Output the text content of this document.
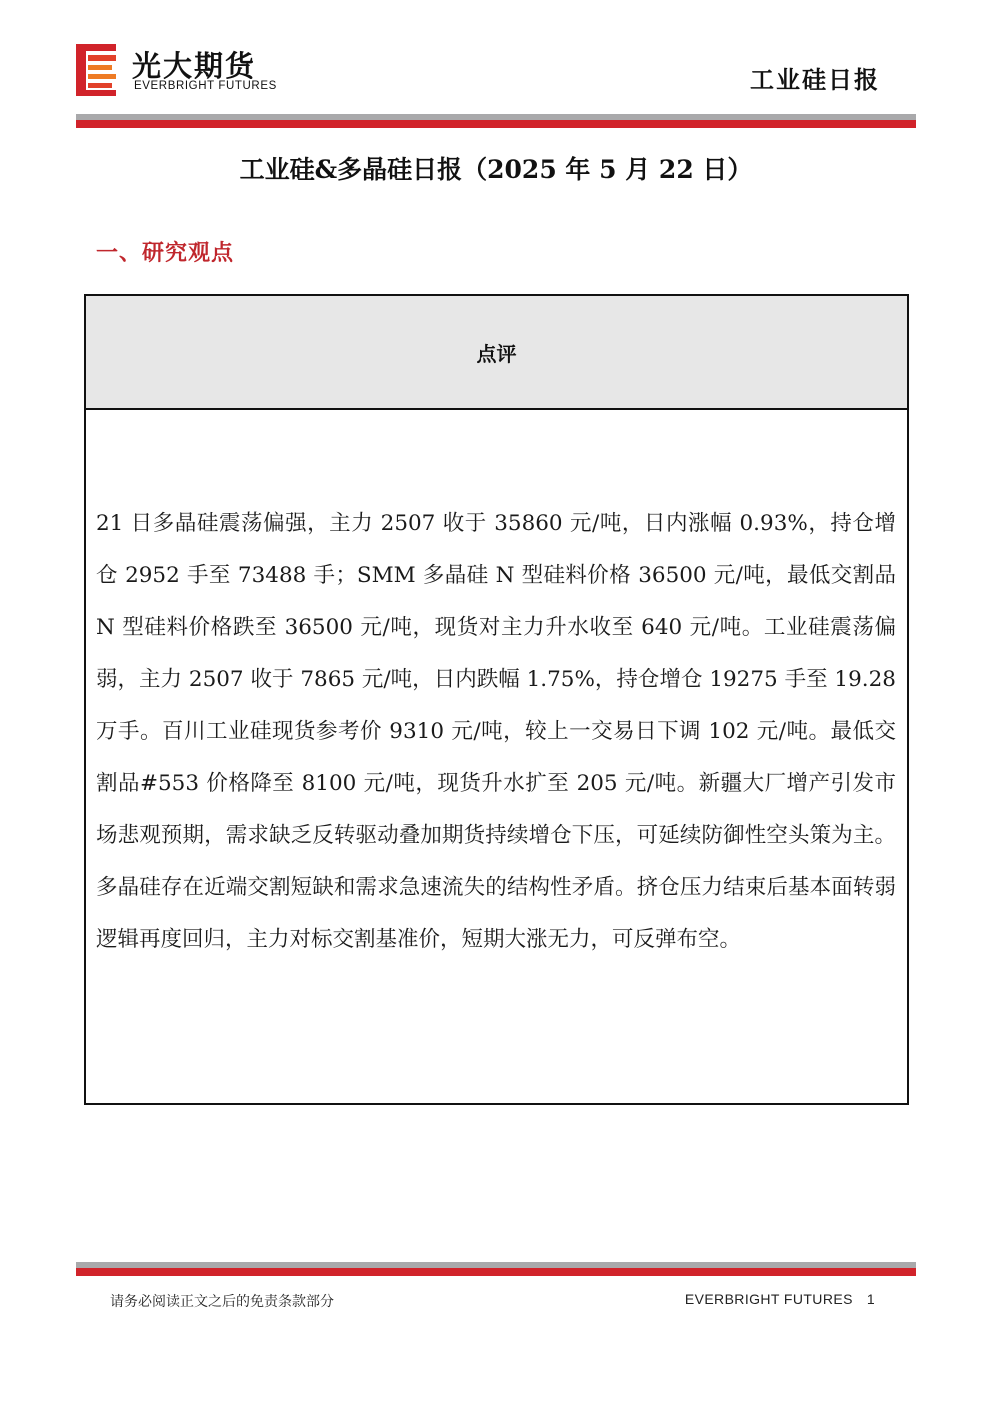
光大期货
EVERBRIGHT FUTURES	工业硅日报
工业硅&多晶硅日报（2025 年 5 月 22 日）
一、研究观点
点评
21 日多晶硅震荡偏强，主力 2507 收于 35860 元/吨，日内涨幅 0.93%，持仓增仓 2952 手至 73488 手；SMM 多晶硅 N 型硅料价格 36500 元/吨，最低交割品 N 型硅料价格跌至 36500 元/吨，现货对主力升水收至 640 元/吨。工业硅震荡偏弱，主力 2507 收于 7865 元/吨，日内跌幅 1.75%，持仓增仓 19275 手至 19.28 万手。百川工业硅现货参考价 9310 元/吨，较上一交易日下调 102 元/吨。最低交割品#553 价格降至 8100 元/吨，现货升水扩至 205 元/吨。新疆大厂增产引发市场悲观预期，需求缺乏反转驱动叠加期货持续增仓下压，可延续防御性空头策为主。多晶硅存在近端交割短缺和需求急速流失的结构性矛盾。挤仓压力结束后基本面转弱逻辑再度回归，主力对标交割基准价，短期大涨无力，可反弹布空。
请务必阅读正文之后的免责条款部分	EVERBRIGHT FUTURES 1
